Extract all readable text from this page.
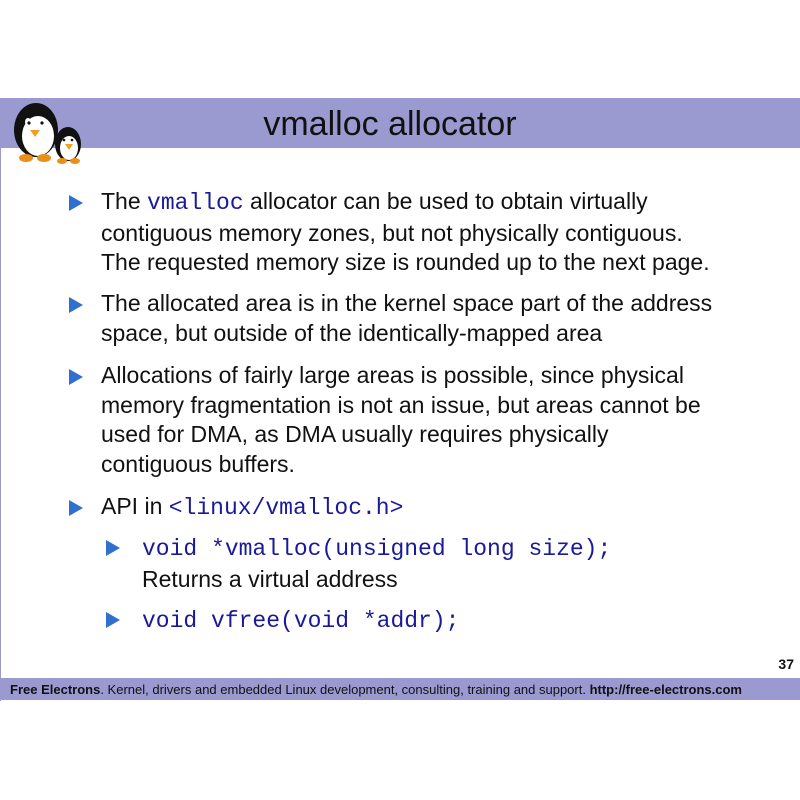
vmalloc allocator
The vmalloc allocator can be used to obtain virtually
contiguous memory zones, but not physically contiguous.
The requested memory size is rounded up to the next page.
The allocated area is in the kernel space part of the address
space, but outside of the identically-mapped area
Allocations of fairly large areas is possible, since physical
memory fragmentation is not an issue, but areas cannot be
used for DMA, as DMA usually requires physically
contiguous buffers.
API in <linux/vmalloc.h>
void *vmalloc(unsigned long size);
Returns a virtual address
void vfree(void *addr);
37
Free Electrons. Kernel, drivers and embedded Linux development, consulting, training and support. http://free-electrons.com
